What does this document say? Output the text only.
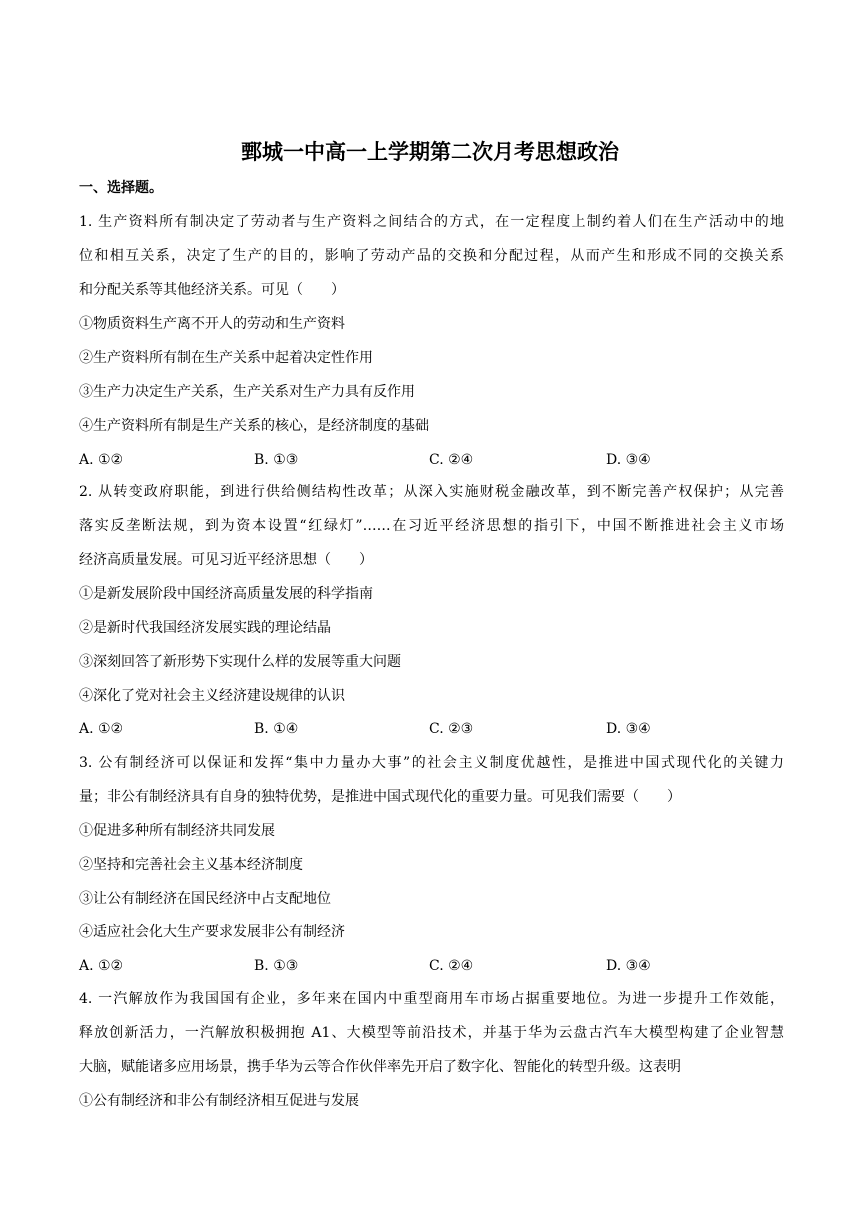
鄄城一中高一上学期第二次月考思想政治
一、选择题。
1. 生产资料所有制决定了劳动者与生产资料之间结合的方式，在一定程度上制约着人们在生产活动中的地
位和相互关系，决定了生产的目的，影响了劳动产品的交换和分配过程，从而产生和形成不同的交换关系
和分配关系等其他经济关系。可见（　　）
①物质资料生产离不开人的劳动和生产资料
②生产资料所有制在生产关系中起着决定性作用
③生产力决定生产关系，生产关系对生产力具有反作用
④生产资料所有制是生产关系的核心，是经济制度的基础
A. ①②	B. ①③	C. ②④	D. ③④
2. 从转变政府职能，到进行供给侧结构性改革；从深入实施财税金融改革，到不断完善产权保护；从完善
落实反垄断法规，到为资本设置“红绿灯”……在习近平经济思想的指引下，中国不断推进社会主义市场
经济高质量发展。可见习近平经济思想（　　）
①是新发展阶段中国经济高质量发展的科学指南
②是新时代我国经济发展实践的理论结晶
③深刻回答了新形势下实现什么样的发展等重大问题
④深化了党对社会主义经济建设规律的认识
A. ①②	B. ①④	C. ②③	D. ③④
3. 公有制经济可以保证和发挥“集中力量办大事”的社会主义制度优越性，是推进中国式现代化的关键力
量；非公有制经济具有自身的独特优势，是推进中国式现代化的重要力量。可见我们需要（　　）
①促进多种所有制经济共同发展
②坚持和完善社会主义基本经济制度
③让公有制经济在国民经济中占支配地位
④适应社会化大生产要求发展非公有制经济
A. ①②	B. ①③	C. ②④	D. ③④
4. 一汽解放作为我国国有企业，多年来在国内中重型商用车市场占据重要地位。为进一步提升工作效能，
释放创新活力，一汽解放积极拥抱 A1、大模型等前沿技术，并基于华为云盘古汽车大模型构建了企业智慧
大脑，赋能诸多应用场景，携手华为云等合作伙伴率先开启了数字化、智能化的转型升级。这表明
①公有制经济和非公有制经济相互促进与发展
